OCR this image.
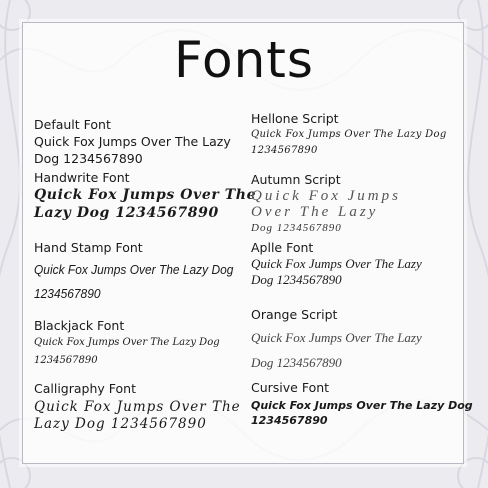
Fonts
Default Font
Quick Fox Jumps Over The Lazy
Dog 1234567890
Handwrite Font
Quick Fox Jumps Over The
Lazy Dog 1234567890
Hand Stamp Font
Quick Fox Jumps Over The Lazy Dog
1234567890
Blackjack Font
Quick Fox Jumps Over The Lazy Dog
1234567890
Calligraphy Font
Quick Fox Jumps Over The
Lazy Dog 1234567890
Hellone Script
Quick Fox Jumps Over The Lazy Dog
1234567890
Autumn Script
Quick Fox Jumps
Over The Lazy
Dog 1234567890
Aplle Font
Quick Fox Jumps Over The Lazy
Dog 1234567890
Orange Script
Quick Fox Jumps Over The Lazy
Dog 1234567890
Cursive Font
Quick Fox Jumps Over The Lazy Dog
1234567890
